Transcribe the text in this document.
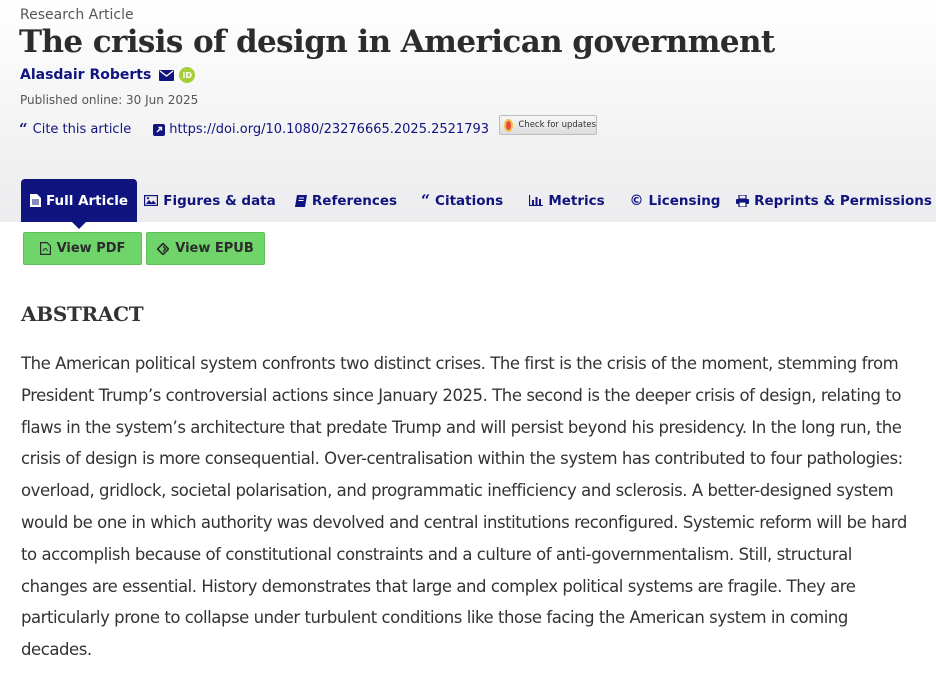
Research Article
The crisis of design in American government
Alasdair Roberts	iD
Published online: 30 Jun 2025
“ Cite this article	https://doi.org/10.1080/23276665.2025.2521793	Check for updates
Full Article	Figures & data	References “ Citations	Metrics © Licensing Reprints & Permissions
View PDF	View EPUB
ABSTRACT

The American political system confronts two distinct crises. The first is the crisis of the moment, stemming from President Trump’s controversial actions since January 2025. The second is the deeper crisis of design, relating to flaws in the system’s architecture that predate Trump and will persist beyond his presidency. In the long run, the crisis of design is more consequential. Over-centralisation within the system has contributed to four pathologies: overload, gridlock, societal polarisation, and programmatic inefficiency and sclerosis. A better-designed system would be one in which authority was devolved and central institutions reconfigured. Systemic reform will be hard to accomplish because of constitutional constraints and a culture of anti-governmentalism. Still, structural changes are essential. History demonstrates that large and complex political systems are fragile. They are particularly prone to collapse under turbulent conditions like those facing the American system in coming decades.
